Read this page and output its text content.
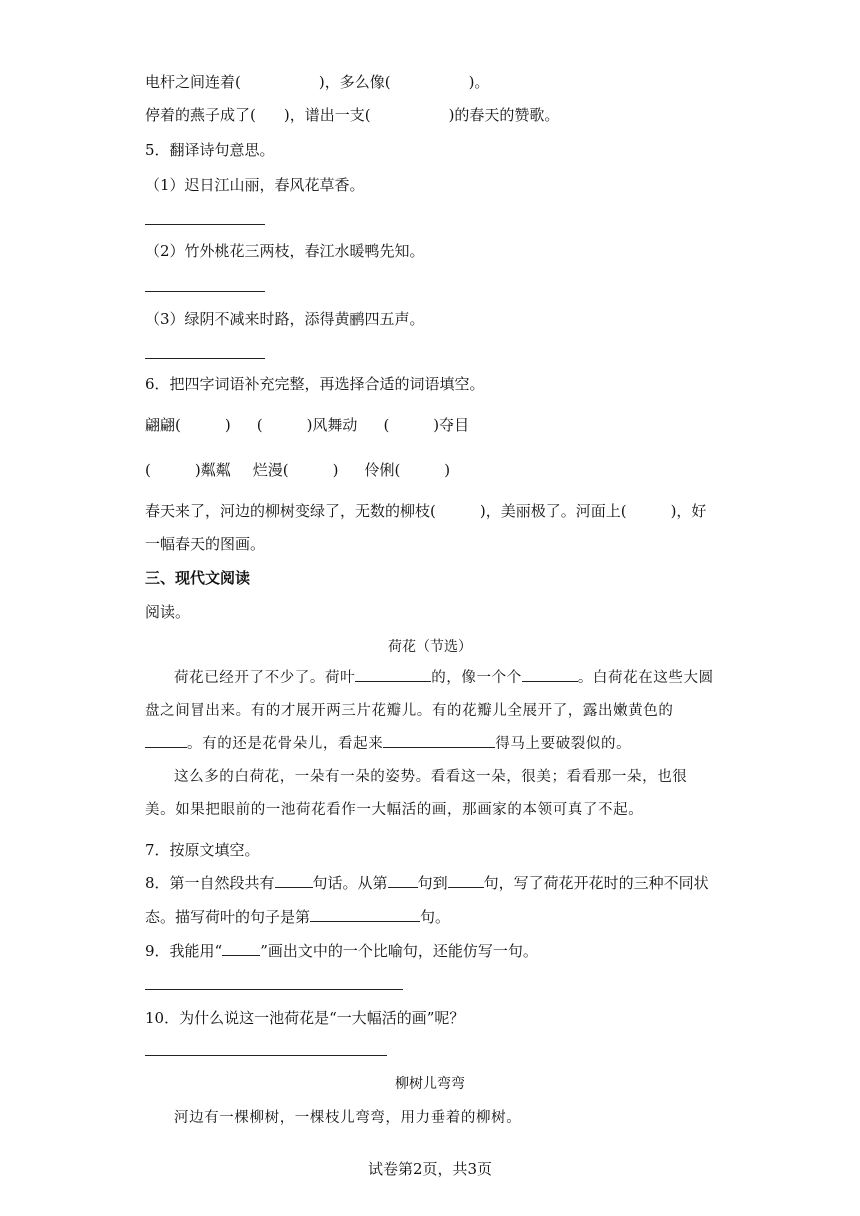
电杆之间连着(	)，多么像(	)。
停着的燕子成了( )，谱出一支(	)的春天的赞歌。
5．翻译诗句意思。
（1）迟日江山丽，春风花草香。
（2）竹外桃花三两枝，春江水暖鸭先知。
（3）绿阴不减来时路，添得黄鹂四五声。
6．把四字词语补充完整，再选择合适的词语填空。
翩翩(	) (	)风舞动 (	)夺目
(	)粼粼 烂漫(	) 伶俐(	)
春天来了，河边的柳树变绿了，无数的柳枝(	)，美丽极了。河面上(	)，好
一幅春天的图画。
三、现代文阅读
阅读。
荷花（节选）

荷花已经开了不少了。荷叶	的，像一个个	。白荷花在这些大圆盘之间冒出来。有的才展开两三片花瓣儿。有的花瓣儿全展开了，露出嫩黄色的。有的还是花骨朵儿，看起来	得马上要破裂似的。

这么多的白荷花，一朵有一朵的姿势。看看这一朵，很美；看看那一朵，也很美。如果把眼前的一池荷花看作一大幅活的画，那画家的本领可真了不起。

7．按原文填空。
8．第一自然段共有	句话。从第 句到 句，写了荷花开花时的三种不同状
态。描写荷叶的句子是第	句。
9．我能用“	”画出文中的一个比喻句，还能仿写一句。
10．为什么说这一池荷花是“一大幅活的画”呢？
柳树儿弯弯

河边有一棵柳树，一棵枝儿弯弯，用力垂着的柳树。

试卷第2页，共3页
